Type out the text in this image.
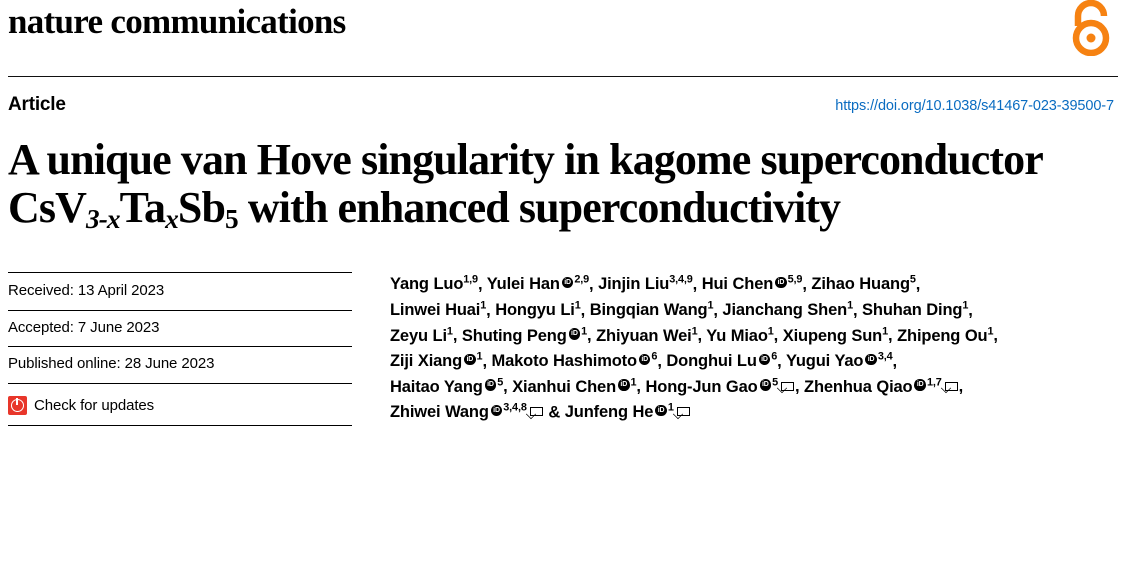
nature communications
Article	https://doi.org/10.1038/s41467-023-39500-7
A unique van Hove singularity in kagome superconductor $CsV_{3-x}Ta_xSb_5$ with enhanced superconductivity
Received: 13 April 2023
Accepted: 7 June 2023
Published online: 28 June 2023
Check for updates
Yang Luo$^{1,9}$, Yulei Han iD $^{2,9}$, Jinjin Liu$^{3,4,9}$, Hui Chen iD $^{5,9}$, Zihao Huang$^5$,
Linwei Huai$^1$, Hongyu Li$^1$, Bingqian Wang$^1$, Jianchang Shen$^1$, Shuhan Ding$^1$,
Zeyu Li$^1$, Shuting Peng iD $^1$, Zhiyuan Wei$^1$, Yu Miao$^1$, Xiupeng Sun$^1$, Zhipeng Ou$^1$,
Ziji Xiang iD $^1$, Makoto Hashimoto iD $^6$, Donghui Lu iD $^6$, Yugui Yao iD $^{3,4}$,
Haitao Yang iD $^5$, Xianhui Chen iD $^1$, Hong-Jun Gao iD $^5$ , Zhenhua Qiao iD $^{1,7}$ ,
Zhiwei Wang iD $^{3,4,8}$ & Junfeng He iD $^1$
